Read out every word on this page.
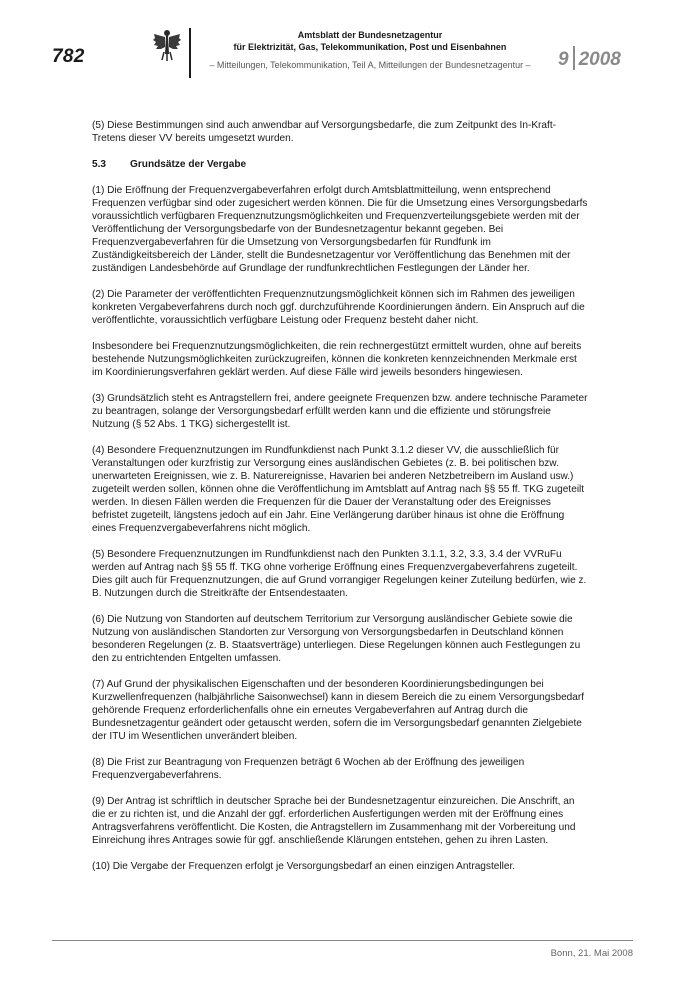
782
Amtsblatt der Bundesnetzagentur
für Elektrizität, Gas, Telekommunikation, Post und Eisenbahnen
– Mitteilungen, Telekommunikation, Teil A, Mitteilungen der Bundesnetzagentur –	9 2008

(5) Diese Bestimmungen sind auch anwendbar auf Versorgungsbedarfe, die zum Zeitpunkt des In-Kraft-Tretens dieser VV bereits umgesetzt wurden.

5.3 Grundsätze der Vergabe

(1) Die Eröffnung der Frequenzvergabeverfahren erfolgt durch Amtsblattmitteilung, wenn entsprechend Frequenzen verfügbar sind oder zugesichert werden können. Die für die Umsetzung eines Versorgungsbedarfs voraussichtlich verfügbaren Frequenznutzungsmöglichkeiten und Frequenzverteilungsgebiete werden mit der Veröffentlichung der Versorgungsbedarfe von der Bundesnetzagentur bekannt gegeben. Bei Frequenzvergabeverfahren für die Umsetzung von Versorgungsbedarfen für Rundfunk im Zuständigkeitsbereich der Länder, stellt die Bundesnetzagentur vor Veröffentlichung das Benehmen mit der zuständigen Landesbehörde auf Grundlage der rundfunkrechtlichen Festlegungen der Länder her.

(2) Die Parameter der veröffentlichten Frequenznutzungsmöglichkeit können sich im Rahmen des jeweiligen konkreten Vergabeverfahrens durch noch ggf. durchzuführende Koordinierungen ändern. Ein Anspruch auf die veröffentlichte, voraussichtlich verfügbare Leistung oder Frequenz besteht daher nicht.

Insbesondere bei Frequenznutzungsmöglichkeiten, die rein rechnergestützt ermittelt wurden, ohne auf bereits bestehende Nutzungsmöglichkeiten zurückzugreifen, können die konkreten kennzeichnenden Merkmale erst im Koordinierungsverfahren geklärt werden. Auf diese Fälle wird jeweils besonders hingewiesen.

(3) Grundsätzlich steht es Antragstellern frei, andere geeignete Frequenzen bzw. andere technische Parameter zu beantragen, solange der Versorgungsbedarf erfüllt werden kann und die effiziente und störungsfreie Nutzung (§ 52 Abs. 1 TKG) sichergestellt ist.

(4) Besondere Frequenznutzungen im Rundfunkdienst nach Punkt 3.1.2 dieser VV, die ausschließlich für Veranstaltungen oder kurzfristig zur Versorgung eines ausländischen Gebietes (z. B. bei politischen bzw. unerwarteten Ereignissen, wie z. B. Naturereignisse, Havarien bei anderen Netzbetreibern im Ausland usw.) zugeteilt werden sollen, können ohne die Veröffentlichung im Amtsblatt auf Antrag nach §§ 55 ff. TKG zugeteilt werden. In diesen Fällen werden die Frequenzen für die Dauer der Veranstaltung oder des Ereignisses befristet zugeteilt, längstens jedoch auf ein Jahr. Eine Verlängerung darüber hinaus ist ohne die Eröffnung eines Frequenzvergabeverfahrens nicht möglich.

(5) Besondere Frequenznutzungen im Rundfunkdienst nach den Punkten 3.1.1, 3.2, 3.3, 3.4 der VVRuFu werden auf Antrag nach §§ 55 ff. TKG ohne vorherige Eröffnung eines Frequenzvergabeverfahrens zugeteilt. Dies gilt auch für Frequenznutzungen, die auf Grund vorrangiger Regelungen keiner Zuteilung bedürfen, wie z. B. Nutzungen durch die Streitkräfte der Entsendestaaten.

(6) Die Nutzung von Standorten auf deutschem Territorium zur Versorgung ausländischer Gebiete sowie die Nutzung von ausländischen Standorten zur Versorgung von Versorgungsbedarfen in Deutschland können besonderen Regelungen (z. B. Staatsverträge) unterliegen. Diese Regelungen können auch Festlegungen zu den zu entrichtenden Entgelten umfassen.

(7) Auf Grund der physikalischen Eigenschaften und der besonderen Koordinierungsbedingungen bei Kurzwellenfrequenzen (halbjährliche Saisonwechsel) kann in diesem Bereich die zu einem Versorgungsbedarf gehörende Frequenz erforderlichenfalls ohne ein erneutes Vergabeverfahren auf Antrag durch die Bundesnetzagentur geändert oder getauscht werden, sofern die im Versorgungsbedarf genannten Zielgebiete der ITU im Wesentlichen unverändert bleiben.

(8) Die Frist zur Beantragung von Frequenzen beträgt 6 Wochen ab der Eröffnung des jeweiligen Frequenzvergabeverfahrens.

(9) Der Antrag ist schriftlich in deutscher Sprache bei der Bundesnetzagentur einzureichen. Die Anschrift, an die er zu richten ist, und die Anzahl der ggf. erforderlichen Ausfertigungen werden mit der Eröffnung eines Antragsverfahrens veröffentlicht. Die Kosten, die Antragstellern im Zusammenhang mit der Vorbereitung und Einreichung ihres Antrages sowie für ggf. anschließende Klärungen entstehen, gehen zu ihren Lasten.

(10) Die Vergabe der Frequenzen erfolgt je Versorgungsbedarf an einen einzigen Antragsteller.

Bonn, 21. Mai 2008
